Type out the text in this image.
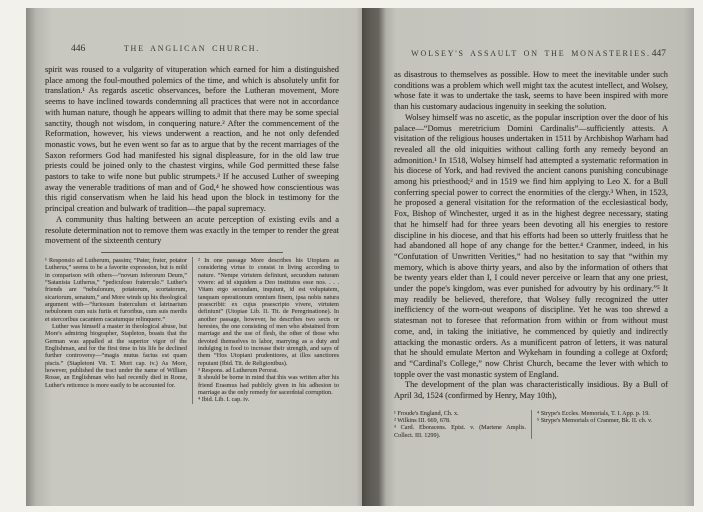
446	THE ANGLICAN CHURCH.

spirit was roused to a vulgarity of vituperation which earned for him a distinguished place among the foul-mouthed polemics of the time, and which is absolutely unfit for translation.¹ As regards ascetic observances, before the Lutheran movement, More seems to have inclined towards condemning all practices that were not in accordance with human nature, though he appears willing to admit that there may be some special sanctity, though not wisdom, in conquering nature.² After the commencement of the Reformation, however, his views underwent a reaction, and he not only defended monastic vows, but he even went so far as to argue that by the recent marriages of the Saxon reformers God had manifested his signal displeasure, for in the old law true priests could be joined only to the chastest virgins, while God permitted these false pastors to take to wife none but public strumpets.³ If he accused Luther of sweeping away the venerable traditions of man and of God,⁴ he showed how conscientious was this rigid conservatism when he laid his head upon the block in testimony for the principal creation and bulwark of tradition—the papal supremacy.

A community thus halting between an acute perception of existing evils and a resolute determination not to remove them was exactly in the temper to render the great movement of the sixteenth century

¹ Responsio ad Lutherum, passim; “Pater, frater, potator Lutherus,” seems to be a favorite expression, but is mild in comparison with others—“novum inferorum Deum,” “Satanista Lutherus,” “pediculoso fraterculo.” Luther's friends are “nebulonum, potatorum, scortatorum, sicariorum, senatum,” and More winds up his theological argument with—“furiosum fraterculum et latrinarium nebulonem cum suis furiis et furoribus, cum suis merdis et stercoribus cacantem cacatumque relinquere.”

Luther was himself a master in theological abuse, but More's admiring biographer, Stapleton, boasts that the German was appalled at the superior vigor of the Englishman, and for the first time in his life he declined further controversy—“magis mutus factus est quam piscis.” (Stapletoni Vit. T. Mori cap. iv.) As More, however, published the tract under the name of William Rosse, an Englishman who had recently died in Rome, Luther's reticence is more easily to be accounted for.

² In one passage More describes his Utopians as considering virtue to consist in living according to nature. “Nempe virtutem definiunt, secundum naturam vivere: ad id siquidem a Deo institutos esse nos. . . . Vitam ergo secundam, inquiunt, id est voluptatem, tanquam operationum omnium finem, ipsa nobis natura praescribit: ex cujus praescripto vivere, virtutem definiunt” (Utopiae Lib. II. Tit. de Peregrinatione). In another passage, however, he describes two sects or heresies, the one consisting of men who abstained from marriage and the use of flesh, the other of those who devoted themselves to labor, marrying as a duty and indulging in food to increase their strength, and says of them “Hos Utopiani prudentiores, at illos sanctiores reputant (Ibid. Tit. de Religionibus).

³ Respons. ad Lutherum Perorat.

It should be borne in mind that this was written after his friend Erasmus had publicly given in his adhesion to marriage as the only remedy for sacerdotal corruption.

⁴ Ibid. Lib. I. cap. iv.

WOLSEY'S ASSAULT ON THE MONASTERIES. 447

as disastrous to themselves as possible. How to meet the inevitable under such conditions was a problem which well might tax the acutest intellect, and Wolsey, whose fate it was to undertake the task, seems to have been inspired with more than his customary audacious ingenuity in seeking the solution.

Wolsey himself was no ascetic, as the popular inscription over the door of his palace—“Domus meretricium Domini Cardinalis”—sufficiently attests. A visitation of the religious houses undertaken in 1511 by Archbishop Warham had revealed all the old iniquities without calling forth any remedy beyond an admonition.¹ In 1518, Wolsey himself had attempted a systematic reformation in his diocese of York, and had revived the ancient canons punishing concubinage among his priesthood;² and in 1519 we find him applying to Leo X. for a Bull conferring special power to correct the enormities of the clergy.³ When, in 1523, he proposed a general visitation for the reformation of the ecclesiastical body, Fox, Bishop of Winchester, urged it as in the highest degree necessary, stating that he himself had for three years been devoting all his energies to restore discipline in his diocese, and that his efforts had been so utterly fruitless that he had abandoned all hope of any change for the better.⁴ Cranmer, indeed, in his “Confutation of Unwritten Verities,” had no hesitation to say that “within my memory, which is above thirty years, and also by the information of others that be twenty years elder than I, I could never perceive or learn that any one priest, under the pope's kingdom, was ever punished for advoutry by his ordinary.”⁵ It may readily be believed, therefore, that Wolsey fully recognized the utter inefficiency of the worn-out weapons of discipline. Yet he was too shrewd a statesman not to foresee that reformation from within or from without must come, and, in taking the initiative, he commenced by quietly and indirectly attacking the monastic orders. As a munificent patron of letters, it was natural that he should emulate Merton and Wykeham in founding a college at Oxford; and “Cardinal's College,” now Christ Church, became the lever with which to topple over the vast monastic system of England.

The development of the plan was characteristically insidious. By a Bull of April 3d, 1524 (confirmed by Henry, May 10th),

¹ Froude's England, Ch. x.

² Wilkins III. 669, 678.

³ Card. Eboracens. Epist. v. (Martene Amplis. Collect. III. 1299).

⁴ Strype's Eccles. Memorials, T. I. App. p. 19.

⁵ Strype's Memorials of Cranmer, Bk. II. ch. v.
